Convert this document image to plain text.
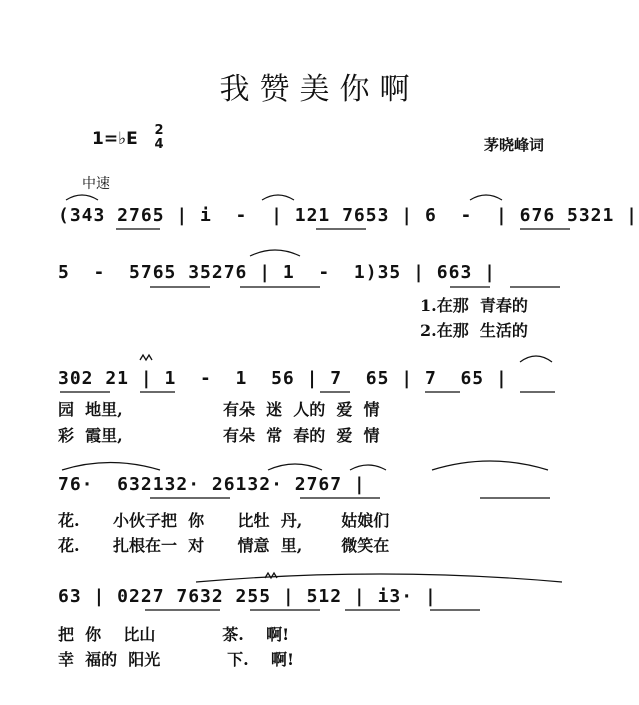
我赞美你啊
1=♭E 2
4	茅晓峰词
中速
(343 2765 | i  -  | 121 7653 | 6  -  | 676 5321 |
5  -  5765 35276 | 1  -  1)35 | 663 |
1.在那  青春的
2.在那  生活的
302 21 | 1  -  1  56 | 7  65 | 7  65 |
园  地里,                  有朵  迷  人的  爱  情
彩  霞里,                  有朵  常  春的  爱  情
76·  632132· 26132· 2767 |
花.      小伙子把  你      比牡  丹,       姑娘们
花.      扎根在一  对      情意  里,       微笑在
63 | 0227 7632 255 | 512 | i3· |
把  你    比山            茶.    啊!
幸  福的  阳光            下.    啊!
